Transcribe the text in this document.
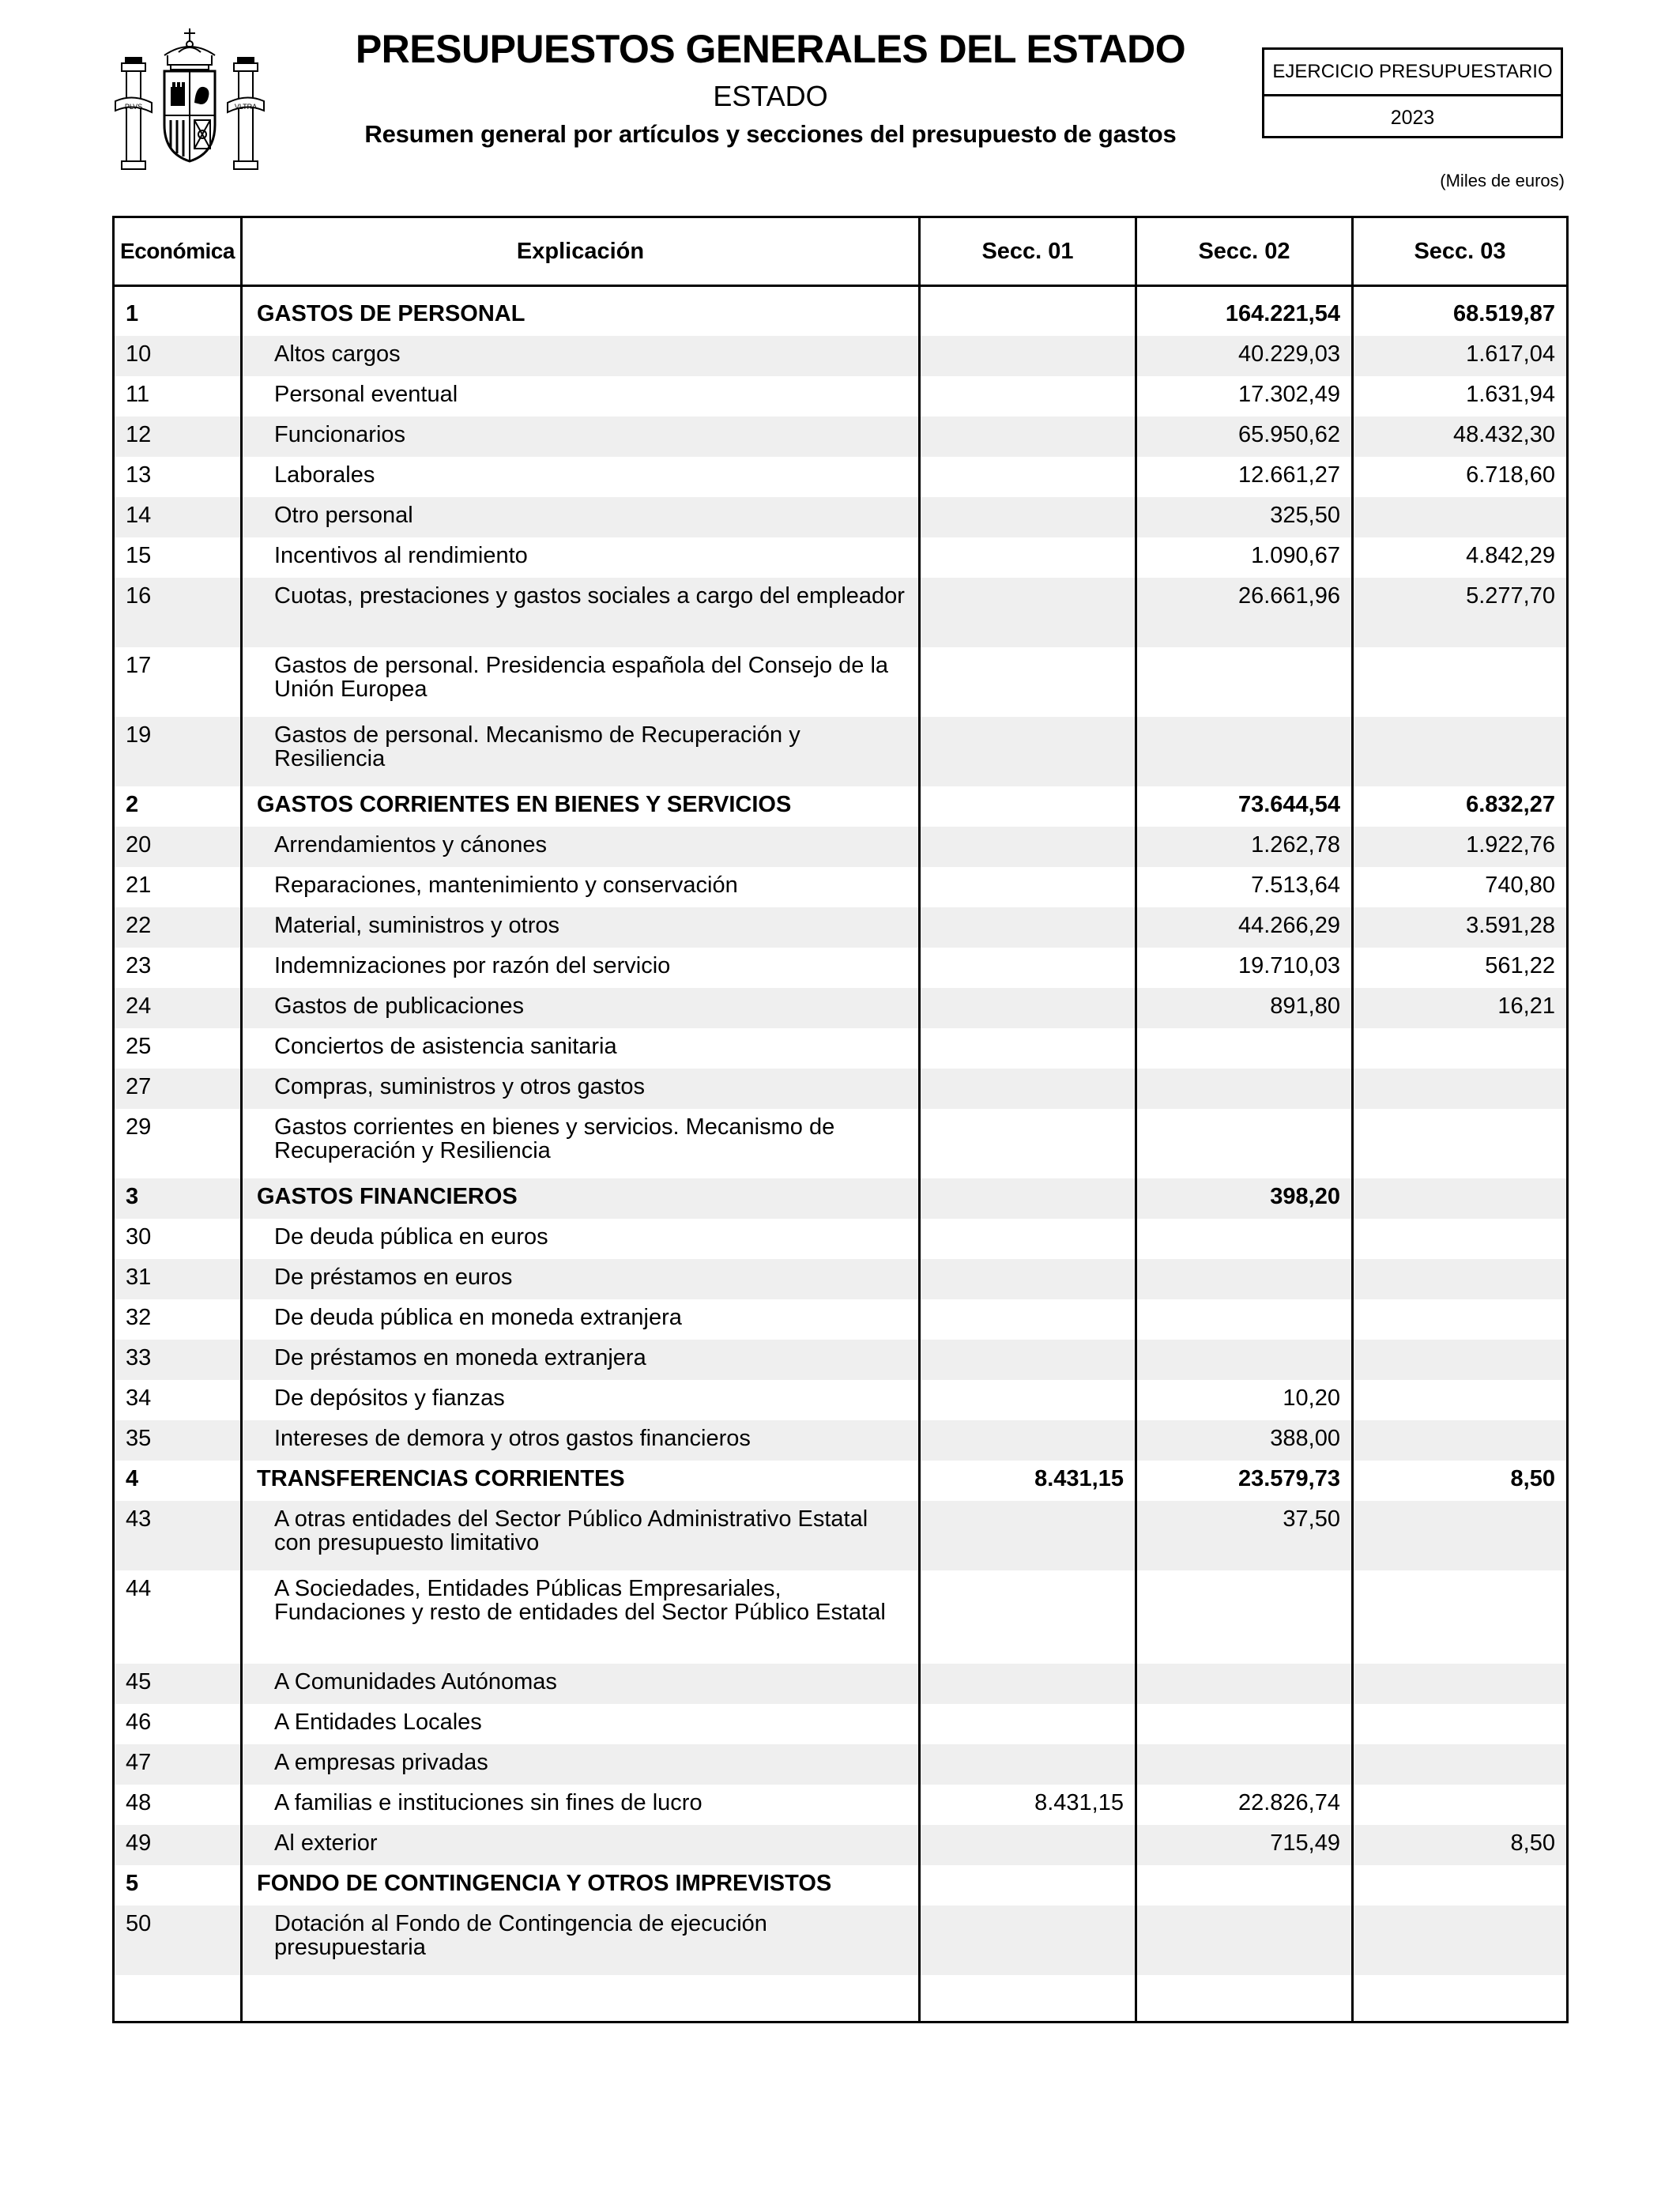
PLVS	VLTRA
PRESUPUESTOS GENERALES DEL ESTADO
ESTADO
Resumen general por artículos y secciones del presupuesto de gastos
EJERCICIO PRESUPUESTARIO
2023
(Miles de euros)
Económica	Explicación	Secc. 01	Secc. 02	Secc. 03

1	GASTOS DE PERSONAL		164.221,54	68.519,87
10	Altos cargos		40.229,03	1.617,04
11	Personal eventual		17.302,49	1.631,94
12	Funcionarios		65.950,62	48.432,30
13	Laborales		12.661,27	6.718,60
14	Otro personal		325,50	
15	Incentivos al rendimiento		1.090,67	4.842,29
16	Cuotas, prestaciones y gastos sociales a cargo del empleador		26.661,96	5.277,70
17	Gastos de personal. Presidencia española del Consejo de la Unión Europea			
19	Gastos de personal. Mecanismo de Recuperación y Resiliencia			
2	GASTOS CORRIENTES EN BIENES Y SERVICIOS		73.644,54	6.832,27
20	Arrendamientos y cánones		1.262,78	1.922,76
21	Reparaciones, mantenimiento y conservación		7.513,64	740,80
22	Material, suministros y otros		44.266,29	3.591,28
23	Indemnizaciones por razón del servicio		19.710,03	561,22
24	Gastos de publicaciones		891,80	16,21
25	Conciertos de asistencia sanitaria			
27	Compras, suministros y otros gastos			
29	Gastos corrientes en bienes y servicios. Mecanismo de Recuperación y Resiliencia			
3	GASTOS FINANCIEROS		398,20	
30	De deuda pública en euros			
31	De préstamos en euros			
32	De deuda pública en moneda extranjera			
33	De préstamos en moneda extranjera			
34	De depósitos y fianzas		10,20	
35	Intereses de demora y otros gastos financieros		388,00	
4	TRANSFERENCIAS CORRIENTES	8.431,15	23.579,73	8,50
43	A otras entidades del Sector Público Administrativo Estatal con presupuesto limitativo		37,50	
44	A Sociedades, Entidades Públicas Empresariales, Fundaciones y resto de entidades del Sector Público Estatal			
45	A Comunidades Autónomas			
46	A Entidades Locales			
47	A empresas privadas			
48	A familias e instituciones sin fines de lucro	8.431,15	22.826,74	
49	Al exterior		715,49	8,50
5	FONDO DE CONTINGENCIA Y OTROS IMPREVISTOS			
50	Dotación al Fondo de Contingencia de ejecución presupuestaria			
